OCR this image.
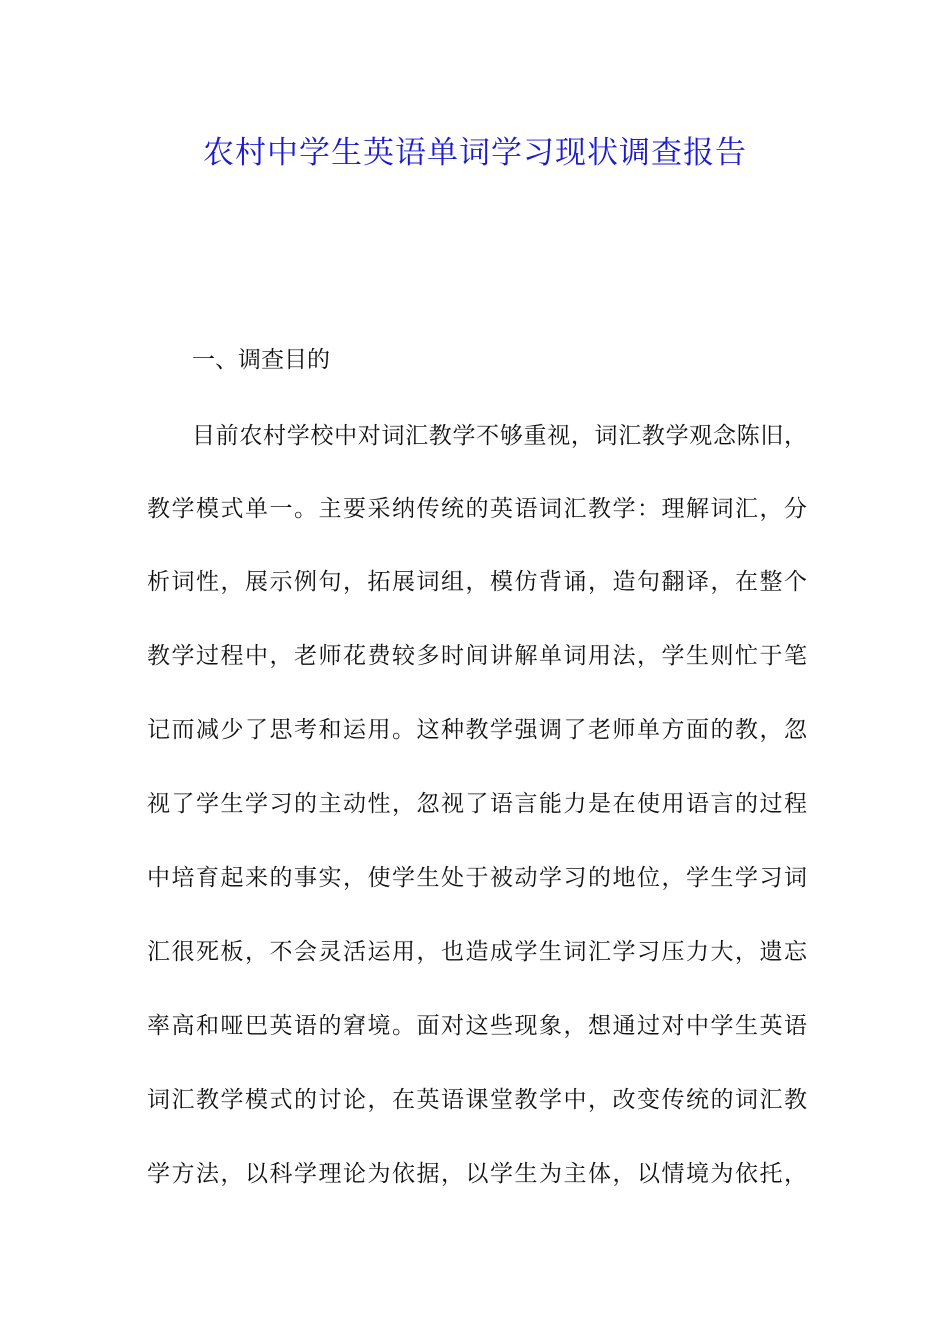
农村中学生英语单词学习现状调查报告
一、调查目的

目前农村学校中对词汇教学不够重视，词汇教学观念陈旧，

教学模式单一。主要采纳传统的英语词汇教学：理解词汇，分

析词性，展示例句，拓展词组，模仿背诵，造句翻译，在整个

教学过程中，老师花费较多时间讲解单词用法，学生则忙于笔

记而减少了思考和运用。这种教学强调了老师单方面的教，忽

视了学生学习的主动性，忽视了语言能力是在使用语言的过程

中培育起来的事实，使学生处于被动学习的地位，学生学习词

汇很死板，不会灵活运用，也造成学生词汇学习压力大，遗忘

率高和哑巴英语的窘境。面对这些现象，想通过对中学生英语

词汇教学模式的讨论，在英语课堂教学中，改变传统的词汇教

学方法，以科学理论为依据，以学生为主体，以情境为依托，
